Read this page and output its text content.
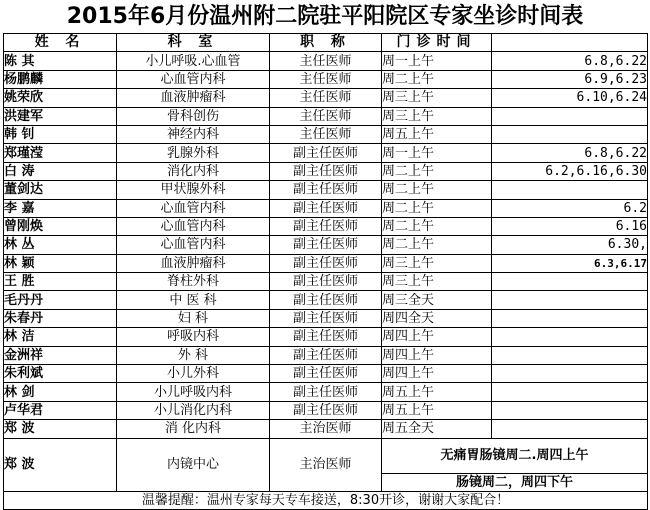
2015年6月份温州附二院驻平阳院区专家坐诊时间表
姓 名	科 室	职 称	门诊时间	
陈 其	小儿呼吸.心血管	主任医师	周一上午	6.8,6.22
杨鹏麟	心血管内科	主任医师	周二上午	6.9,6.23
姚荣欣	血液肿瘤科	主任医师	周三上午	6.10,6.24
洪建军	骨科创伤	主任医师	周三上午	
韩 钊	神经内科	主任医师	周五上午	
郑瑾滢	乳腺外科	副主任医师	周一上午	6.8,6.22
白 涛	消化内科	副主任医师	周二上午	6.2,6.16,6.30
董剑达	甲状腺外科	副主任医师	周二上午	
李 嘉	心血管内科	副主任医师	周二上午	6.2
曾刚焕	心血管内科	副主任医师	周二上午	6.16
林 丛	心血管内科	副主任医师	周二上午	6.30,
林 颖	血液肿瘤科	副主任医师	周三上午	6.3,6.17
王 胜	脊柱外科	副主任医师	周三上午	
毛丹丹	中 医 科	副主任医师	周三全天	
朱春丹	妇 科	副主任医师	周四全天	
林 洁	呼吸内科	副主任医师	周四上午	
金洲祥	外 科	副主任医师	周四上午	
朱利斌	小儿外科	副主任医师	周四上午	
林 剑	小儿呼吸内科	副主任医师	周五上午	
卢华君	小儿消化内科	副主任医师	周五上午	
郑 波	消 化内科	主治医师	周五全天	
郑 波	内镜中心	主治医师	无痛胃肠镜周二.周四上午	
			肠镜周二，周四下午	
温馨提醒：温州专家每天专车接送，8:30开诊，谢谢大家配合！				
